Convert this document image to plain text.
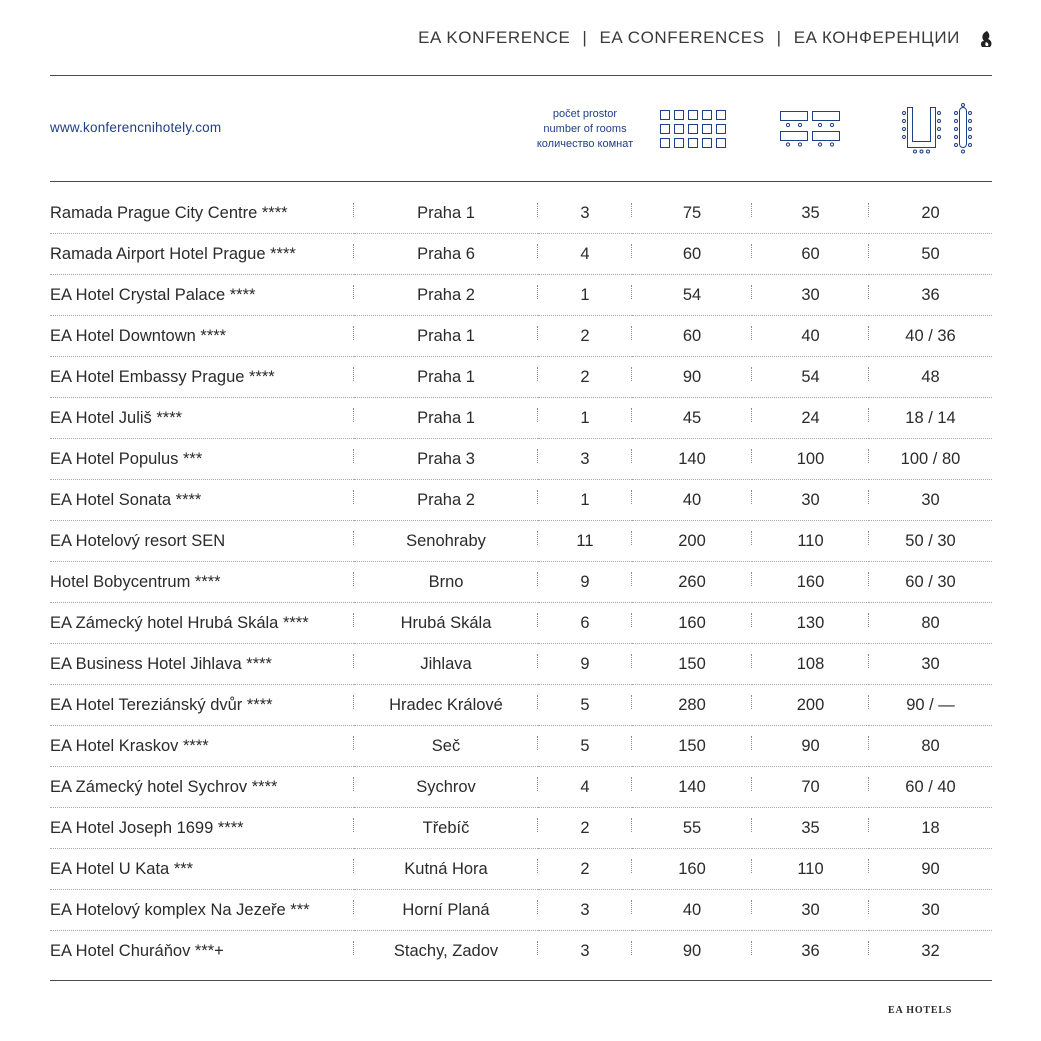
EA KONFERENCE | EA CONFERENCES | EA КОНФЕРЕНЦИИ
www.konferencnihotely.com
počet prostor
number of rooms
количество комнат
Ramada Prague City Centre ****	Praha 1	3	75	35	20
Ramada Airport Hotel Prague ****	Praha 6	4	60	60	50
EA Hotel Crystal Palace ****	Praha 2	1	54	30	36
EA Hotel Downtown ****	Praha 1	2	60	40	40 / 36
EA Hotel Embassy Prague ****	Praha 1	2	90	54	48
EA Hotel Juliš ****	Praha 1	1	45	24	18 / 14
EA Hotel Populus ***	Praha 3	3	140	100	100 / 80
EA Hotel Sonata ****	Praha 2	1	40	30	30
EA Hotelový resort SEN	Senohraby	11	200	110	50 / 30
Hotel Bobycentrum ****	Brno	9	260	160	60 / 30
EA Zámecký hotel Hrubá Skála ****	Hrubá Skála	6	160	130	80
EA Business Hotel Jihlava ****	Jihlava	9	150	108	30
EA Hotel Tereziánský dvůr ****	Hradec Králové	5	280	200	90 / —
EA Hotel Kraskov ****	Seč	5	150	90	80
EA Zámecký hotel Sychrov ****	Sychrov	4	140	70	60 / 40
EA Hotel Joseph 1699 ****	Třebíč	2	55	35	18
EA Hotel U Kata ***	Kutná Hora	2	160	110	90
EA Hotelový komplex Na Jezeře ***	Horní Planá	3	40	30	30
EA Hotel Churáňov ***+	Stachy, Zadov	3	90	36	32
EA HOTELS
